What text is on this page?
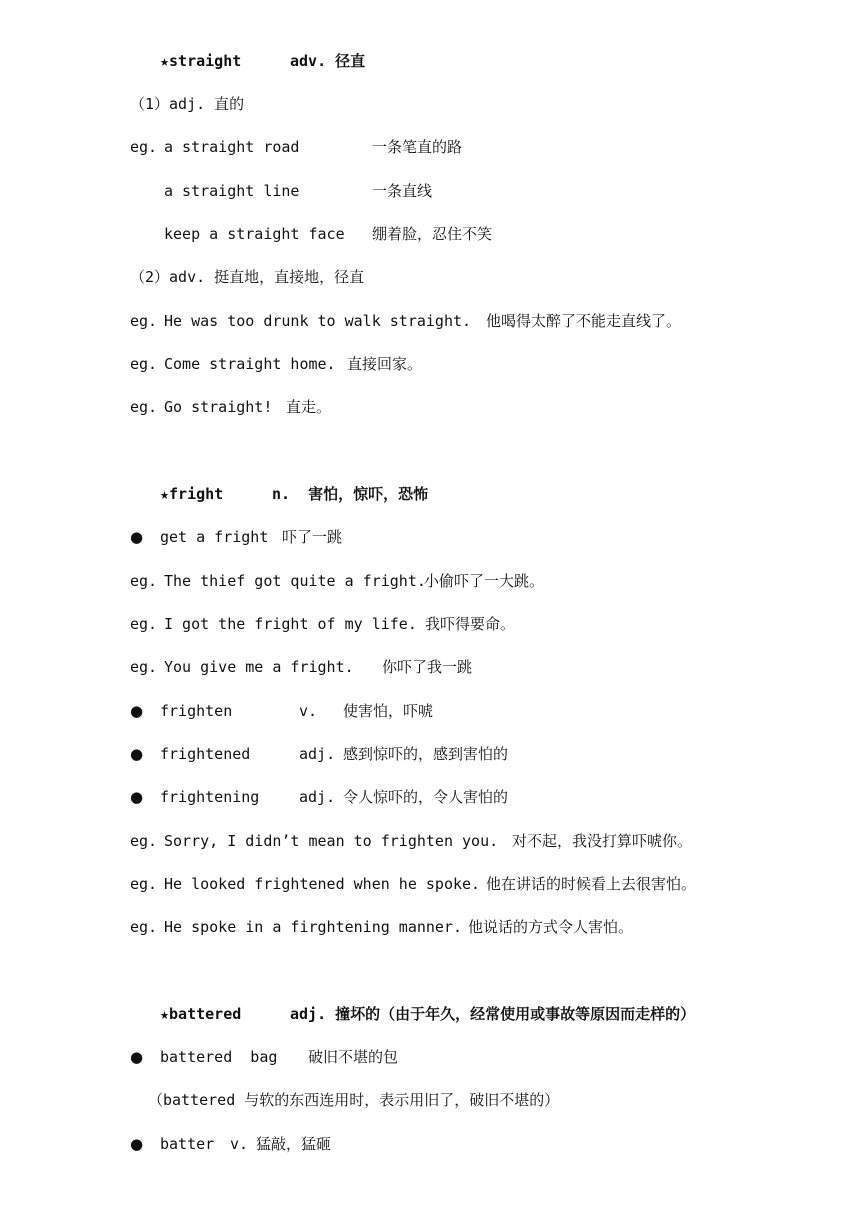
★straight	adv. 径直
（1）adj. 直的
eg. a straight road	一条笔直的路
a straight line	一条直线
keep a straight face 绷着脸，忍住不笑
（2）adv. 挺直地，直接地，径直
eg. He was too drunk to walk straight. 他喝得太醉了不能走直线了。
eg. Come straight home. 直接回家。
eg. Go straight! 直走。
★fright	n. 害怕，惊吓，恐怖
● get a fright 吓了一跳
eg. The thief got quite a fright.
小偷吓了一大跳。
eg. I got the fright of my life. 我吓得要命。
eg. You give me a fright. 你吓了我一跳
● frighten	v. 使害怕，吓唬
● frightened	adj. 感到惊吓的，感到害怕的
● frightening	adj. 令人惊吓的，令人害怕的
eg. Sorry, I didn’t mean to frighten you. 对不起，我没打算吓唬你。
eg. He looked frightened when he spoke. 他在讲话的时候看上去很害怕。
eg. He spoke in a firghtening manner. 他说话的方式令人害怕。
★battered	adj. 撞坏的（由于年久，经常使用或事故等原因而走样的）
● battered  bag 破旧不堪的包
（battered 与软的东西连用时，表示用旧了，破旧不堪的）
● batter v. 猛敲，猛砸
